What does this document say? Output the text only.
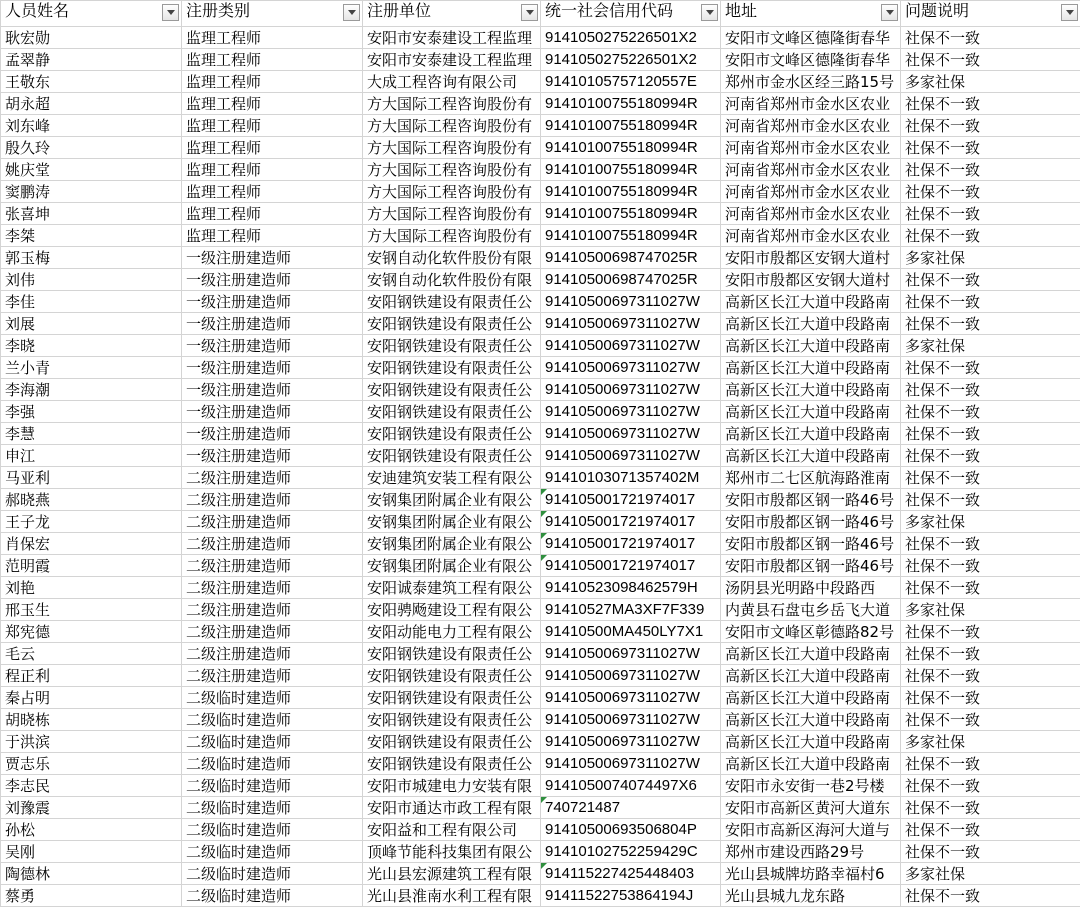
人员姓名	注册类别	注册单位	统一社会信用代码	地址	问题说明

耿宏勋	监理工程师	安阳市安泰建设工程监理	91410502752265​01X2	安阳市文峰区德隆街春华	社保不一致
孟翠静	监理工程师	安阳市安泰建设工程监理	914105027522650​1X2	安阳市文峰区德隆街春华	社保不一致
王敬东	监理工程师	大成工程咨询有限公司	91410105757120557E	郑州市金水区经三路15号	多家社保
胡永超	监理工程师	方大国际工程咨询股份有	91410100755180994R	河南省郑州市金水区农业	社保不一致
刘东峰	监理工程师	方大国际工程咨询股份有	91410100755180994R	河南省郑州市金水区农业	社保不一致
殷久玲	监理工程师	方大国际工程咨询股份有	91410100755180994R	河南省郑州市金水区农业	社保不一致
姚庆堂	监理工程师	方大国际工程咨询股份有	91410100755180994R	河南省郑州市金水区农业	社保不一致
窦鹏涛	监理工程师	方大国际工程咨询股份有	91410100755180994R	河南省郑州市金水区农业	社保不一致
张喜坤	监理工程师	方大国际工程咨询股份有	91410100755180994R	河南省郑州市金水区农业	社保不一致
李桀	监理工程师	方大国际工程咨询股份有	91410100755180994R	河南省郑州市金水区农业	社保不一致
郭玉梅	一级注册建造师	安钢自动化软件股份有限	91410500698747025R	安阳市殷都区安钢大道村	多家社保
刘伟	一级注册建造师	安钢自动化软件股份有限	91410500698747025R	安阳市殷都区安钢大道村	社保不一致
李佳	一级注册建造师	安阳钢铁建设有限责任公	91410500697311027W	高新区长江大道中段路南	社保不一致
刘展	一级注册建造师	安阳钢铁建设有限责任公	91410500697311027W	高新区长江大道中段路南	社保不一致
李晓	一级注册建造师	安阳钢铁建设有限责任公	91410500697311027W	高新区长江大道中段路南	多家社保
兰小青	一级注册建造师	安阳钢铁建设有限责任公	91410500697311027W	高新区长江大道中段路南	社保不一致
李海潮	一级注册建造师	安阳钢铁建设有限责任公	91410500697311027W	高新区长江大道中段路南	社保不一致
李强	一级注册建造师	安阳钢铁建设有限责任公	91410500697311027W	高新区长江大道中段路南	社保不一致
李慧	一级注册建造师	安阳钢铁建设有限责任公	91410500697311027W	高新区长江大道中段路南	社保不一致
申江	一级注册建造师	安阳钢铁建设有限责任公	91410500697311027W	高新区长江大道中段路南	社保不一致
马亚利	二级注册建造师	安迪建筑安装工程有限公	91410103071357402M	郑州市二七区航海路淮南	社保不一致
郝晓燕	二级注册建造师	安钢集团附属企业有限公	914105001721974017	安阳市殷都区钢一路46号	社保不一致
王子龙	二级注册建造师	安钢集团附属企业有限公	914105001721974017	安阳市殷都区钢一路46号	多家社保
肖保宏	二级注册建造师	安钢集团附属企业有限公	914105001721974017	安阳市殷都区钢一路46号	社保不一致
范明霞	二级注册建造师	安钢集团附属企业有限公	914105001721974017	安阳市殷都区钢一路46号	社保不一致
刘艳	二级注册建造师	安阳诚泰建筑工程有限公	91410523098462579H	汤阴县光明路中段路西	社保不一致
邢玉生	二级注册建造师	安阳骋飏建设工程有限公	91410527MA3XF7F339	内黄县石盘屯乡岳飞大道	多家社保
郑宪德	二级注册建造师	安阳动能电力工程有限公	91410500MA450LY7X1	安阳市文峰区彰德路82号	社保不一致
毛云	二级注册建造师	安阳钢铁建设有限责任公	91410500697311027W	高新区长江大道中段路南	社保不一致
程正利	二级注册建造师	安阳钢铁建设有限责任公	91410500697311027W	高新区长江大道中段路南	社保不一致
秦占明	二级临时建造师	安阳钢铁建设有限责任公	91410500697311027W	高新区长江大道中段路南	社保不一致
胡晓栋	二级临时建造师	安阳钢铁建设有限责任公	91410500697311027W	高新区长江大道中段路南	社保不一致
于洪滨	二级临时建造师	安阳钢铁建设有限责任公	91410500697311027W	高新区长江大道中段路南	多家社保
贾志乐	二级临时建造师	安阳钢铁建设有限责任公	91410500697311027W	高新区长江大道中段路南	社保不一致
李志民	二级临时建造师	安阳市城建电力安装有限	91410500740744​97X6	安阳市永安街一巷2号楼	社保不一致
刘豫震	二级临时建造师	安阳市通达市政工程有限	740721487	安阳市高新区黄河大道东	社保不一致
孙松	二级临时建造师	安阳益和工程有限公司	91410500693506804P	安阳市高新区海河大道与	社保不一致
吴刚	二级临时建造师	顶峰节能科技集团有限公	91410102752259429C	郑州市建设西路29号	社保不一致
陶德林	二级临时建造师	光山县宏源建筑工程有限	914115227425448403	光山县城牌坊路幸福村6	多家社保
蔡勇	二级临时建造师	光山县淮南水利工程有限	91411522753864194J	光山县城九龙东路	社保不一致
